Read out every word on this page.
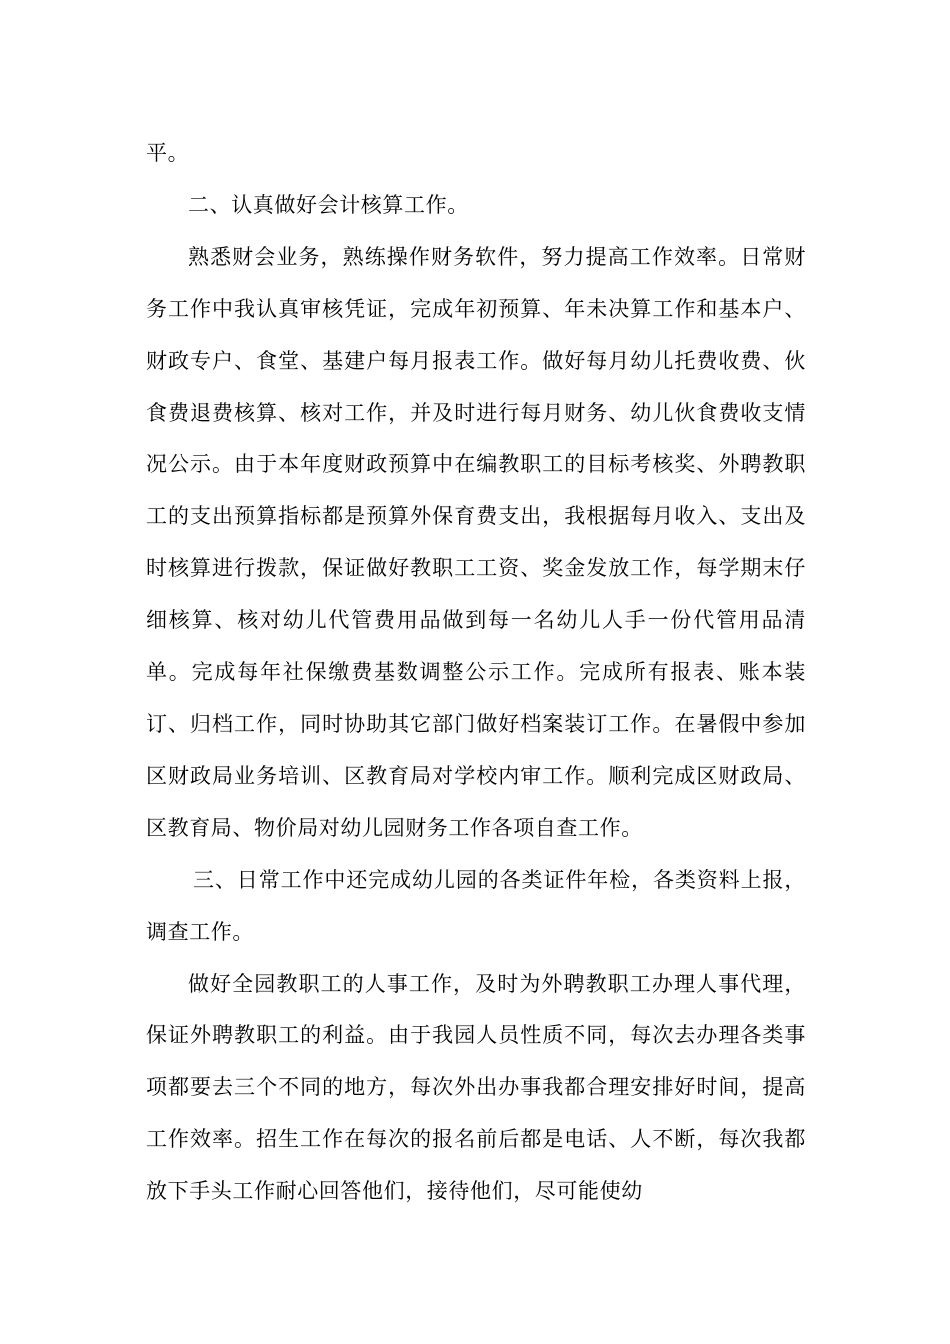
平。

二、认真做好会计核算工作。

熟悉财会业务，熟练操作财务软件，努力提高工作效率。日常财务工作中我认真审核凭证，完成年初预算、年未决算工作和基本户、财政专户、食堂、基建户每月报表工作。做好每月幼儿托费收费、伙食费退费核算、核对工作，并及时进行每月财务、幼儿伙食费收支情况公示。由于本年度财政预算中在编教职工的目标考核奖、外聘教职工的支出预算指标都是预算外保育费支出，我根据每月收入、支出及时核算进行拨款，保证做好教职工工资、奖金发放工作，每学期末仔细核算、核对幼儿代管费用品做到每一名幼儿人手一份代管用品清单。完成每年社保缴费基数调整公示工作。完成所有报表、账本装订、归档工作，同时协助其它部门做好档案装订工作。在暑假中参加区财政局业务培训、区教育局对学校内审工作。顺利完成区财政局、区教育局、物价局对幼儿园财务工作各项自查工作。

三、日常工作中还完成幼儿园的各类证件年检，各类资料上报，调查工作。

做好全园教职工的人事工作，及时为外聘教职工办理人事代理，保证外聘教职工的利益。由于我园人员性质不同，每次去办理各类事项都要去三个不同的地方，每次外出办事我都合理安排好时间，提高工作效率。招生工作在每次的报名前后都是电话、人不断，每次我都放下手头工作耐心回答他们，接待他们，尽可能使幼
